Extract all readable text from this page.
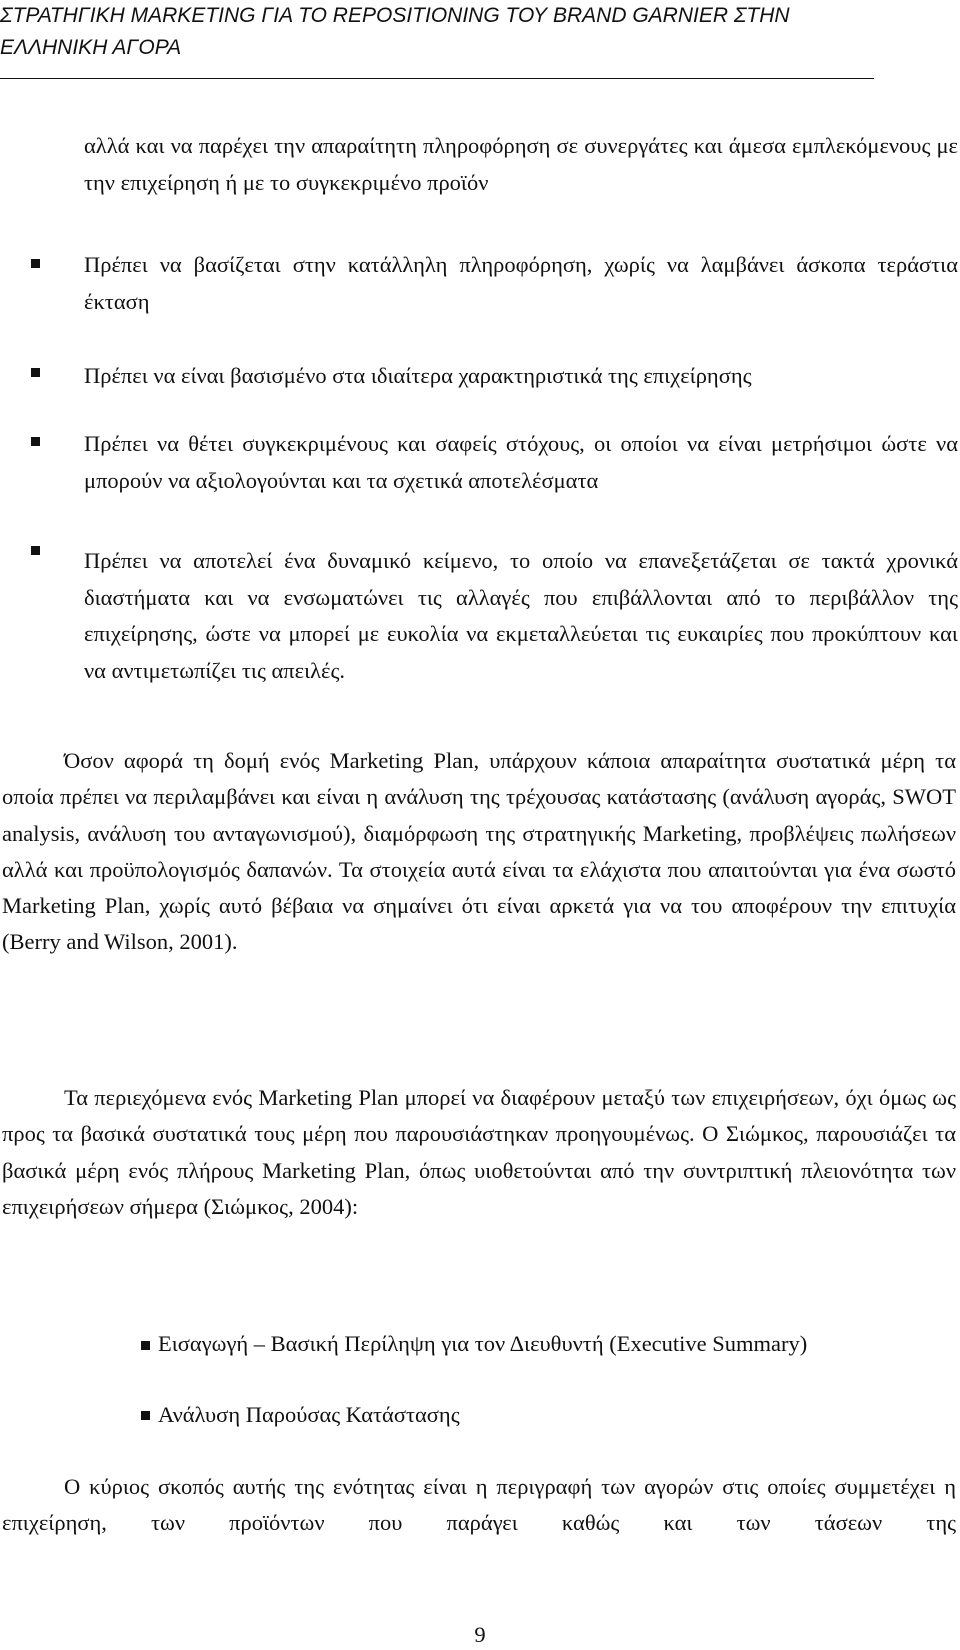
ΣΤΡΑΤΗΓΙΚΗ MARKETING ΓΙΑ ΤΟ REPOSITIONING ΤΟΥ BRAND GARNIER ΣΤΗΝ ΕΛΛΗΝΙΚΗ ΑΓΟΡΑ
αλλά και να παρέχει την απαραίτητη πληροφόρηση σε συνεργάτες και άμεσα εμπλεκόμενους με την επιχείρηση ή με το συγκεκριμένο προϊόν
Πρέπει να βασίζεται στην κατάλληλη πληροφόρηση, χωρίς να λαμβάνει άσκοπα τεράστια έκταση
Πρέπει να είναι βασισμένο στα ιδιαίτερα χαρακτηριστικά της επιχείρησης
Πρέπει να θέτει συγκεκριμένους και σαφείς στόχους, οι οποίοι να είναι μετρήσιμοι ώστε να μπορούν να αξιολογούνται και τα σχετικά αποτελέσματα
Πρέπει να αποτελεί ένα δυναμικό κείμενο, το οποίο να επανεξετάζεται σε τακτά χρονικά διαστήματα και να ενσωματώνει τις αλλαγές που επιβάλλονται από το περιβάλλον της επιχείρησης, ώστε να μπορεί με ευκολία να εκμεταλλεύεται τις ευκαιρίες που προκύπτουν και να αντιμετωπίζει τις απειλές.
Όσον αφορά τη δομή ενός Marketing Plan, υπάρχουν κάποια απαραίτητα συστατικά μέρη τα οποία πρέπει να περιλαμβάνει και είναι η ανάλυση της τρέχουσας κατάστασης (ανάλυση αγοράς, SWOT analysis, ανάλυση του ανταγωνισμού), διαμόρφωση της στρατηγικής Marketing, προβλέψεις πωλήσεων αλλά και προϋπολογισμός δαπανών. Τα στοιχεία αυτά είναι τα ελάχιστα που απαιτούνται για ένα σωστό Marketing Plan, χωρίς αυτό βέβαια να σημαίνει ότι είναι αρκετά για να του αποφέρουν την επιτυχία (Berry and Wilson, 2001).
Τα περιεχόμενα ενός Marketing Plan μπορεί να διαφέρουν μεταξύ των επιχειρήσεων, όχι όμως ως προς τα βασικά συστατικά τους μέρη που παρουσιάστηκαν προηγουμένως. Ο Σιώμκος, παρουσιάζει τα βασικά μέρη ενός πλήρους Marketing Plan, όπως υιοθετούνται από την συντριπτική πλειονότητα των επιχειρήσεων σήμερα (Σιώμκος, 2004):
Εισαγωγή – Βασική Περίληψη για τον Διευθυντή (Executive Summary)
Ανάλυση Παρούσας Κατάστασης
Ο κύριος σκοπός αυτής της ενότητας είναι η περιγραφή των αγορών στις οποίες συμμετέχει η επιχείρηση, των προϊόντων που παράγει καθώς και των τάσεων της
9
